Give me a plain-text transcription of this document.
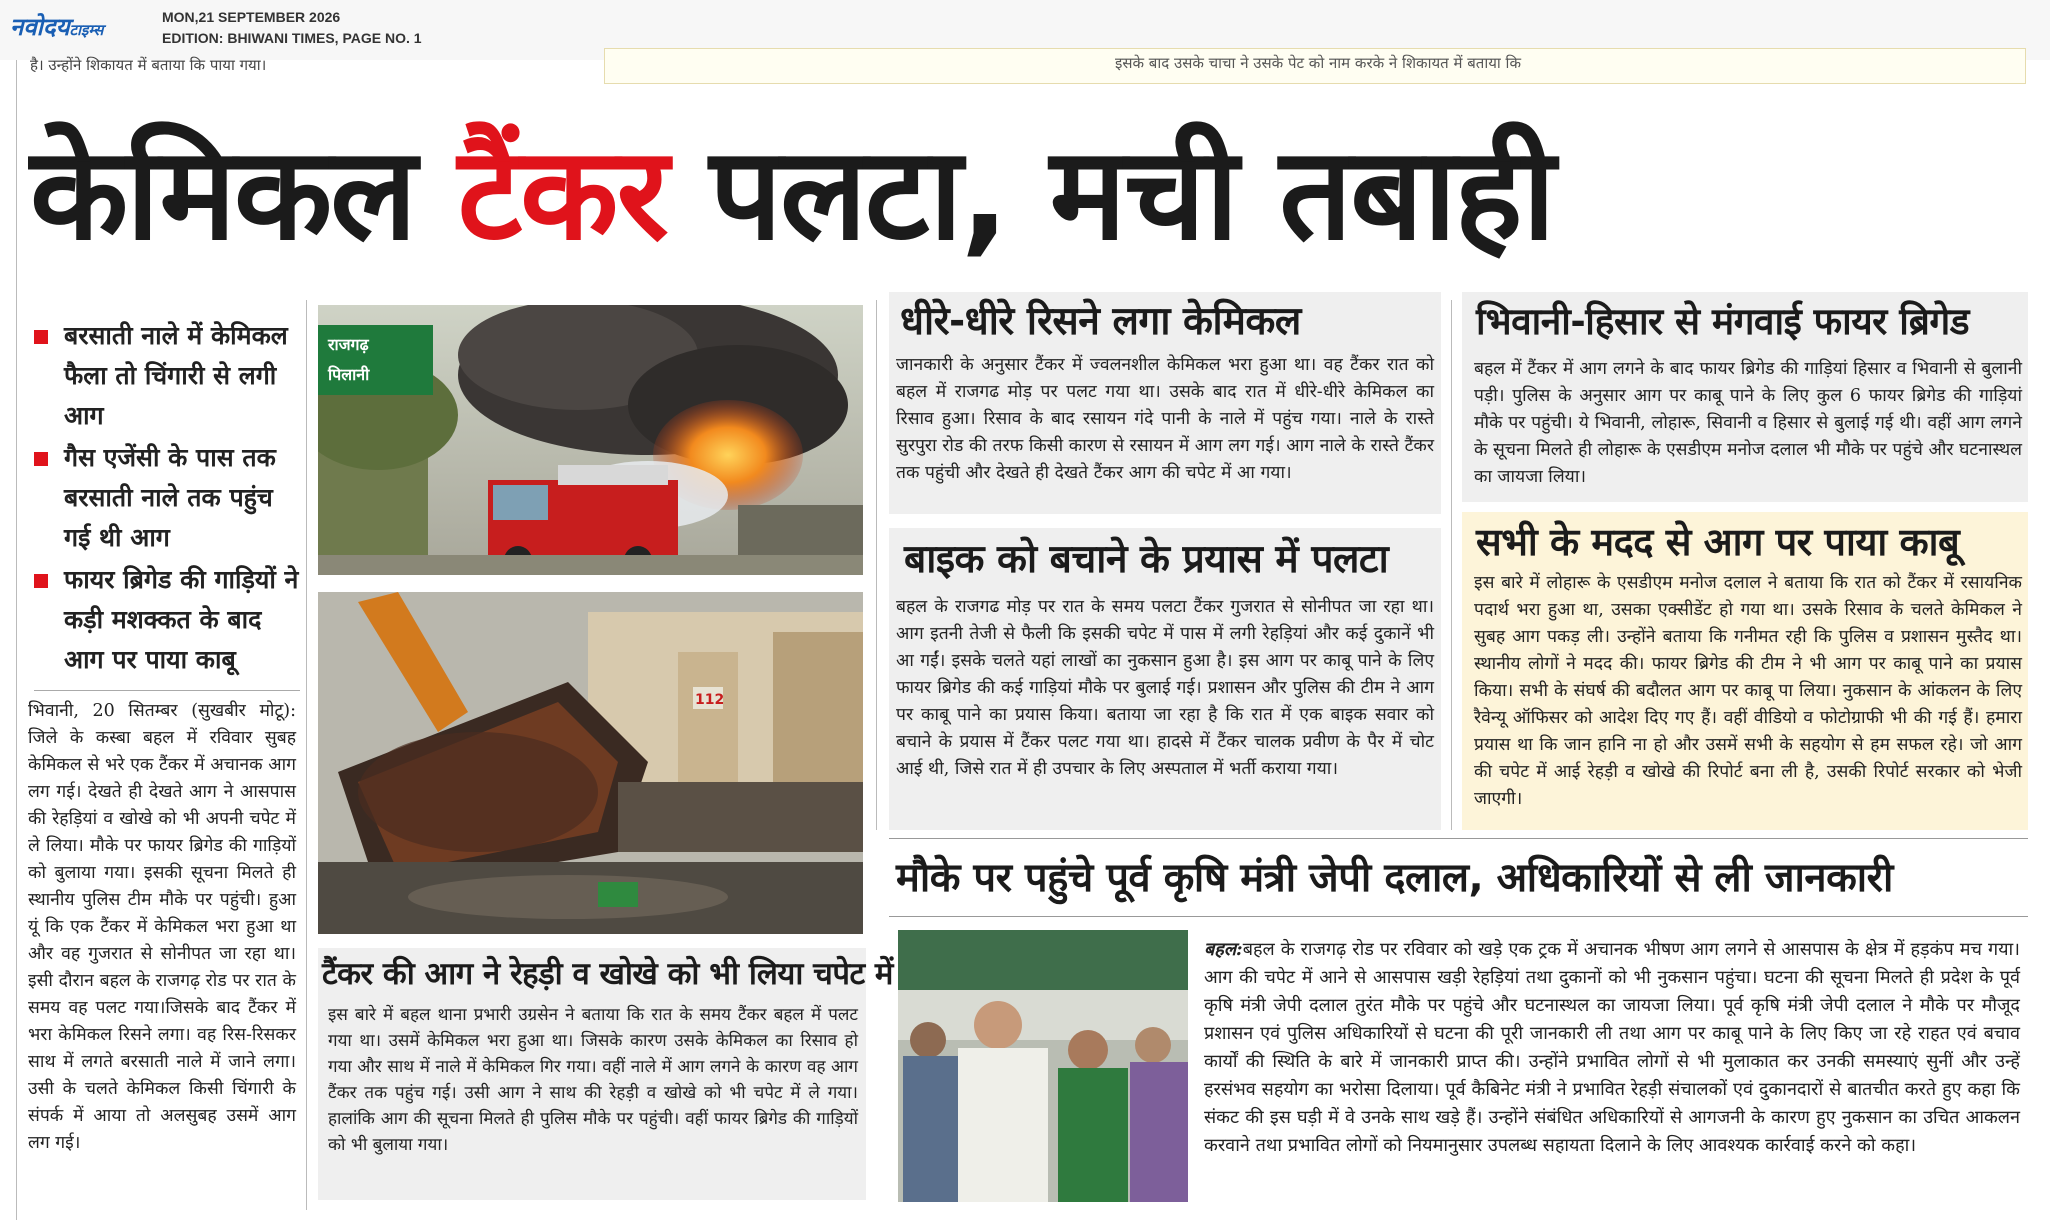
नवोदयटाइम्स
MON,21 SEPTEMBER 2026
EDITION: BHIWANI TIMES, PAGE NO. 1
है। उन्होंने शिकायत में बताया कि पाया गया।	इसके बाद उसके चाचा ने उसके पेट को नाम करके ने शिकायत में बताया कि
केमिकल टैंकर पलटा, मची तबाही
बरसाती नाले में केमिकल फैला तो चिंगारी से लगी आग
गैस एजेंसी के पास तक बरसाती नाले तक पहुंच गई थी आग
फायर ब्रिगेड की गाड़ियों ने कड़ी मशक्कत के बाद आग पर पाया काबू
भिवानी, 20 सितम्बर (सुखबीर मोटू): जिले के कस्बा बहल में रविवार सुबह केमिकल से भरे एक टैंकर में अचानक आग लग गई। देखते ही देखते आग ने आसपास की रेहड़ियां व खोखे को भी अपनी चपेट में ले लिया। मौके पर फायर ब्रिगेड की गाड़ियों को बुलाया गया। इसकी सूचना मिलते ही स्थानीय पुलिस टीम मौके पर पहुंची। हुआ यूं कि एक टैंकर में केमिकल भरा हुआ था और वह गुजरात से सोनीपत जा रहा था। इसी दौरान बहल के राजगढ़ रोड पर रात के समय वह पलट गया।जिसके बाद टैंकर में भरा केमिकल रिसने लगा। वह रिस-रिसकर साथ में लगते बरसाती नाले में जाने लगा। उसी के चलते केमिकल किसी चिंगारी के संपर्क में आया तो अलसुबह उसमें आग लग गई।
राजगढ़
पिलानी
112
टैंकर की आग ने रेहड़ी व खोखे को भी लिया चपेट में
इस बारे में बहल थाना प्रभारी उग्रसेन ने बताया कि रात के समय टैंकर बहल में पलट गया था। उसमें केमिकल भरा हुआ था। जिसके कारण उसके केमिकल का रिसाव हो गया और साथ में नाले में केमिकल गिर गया। वहीं नाले में आग लगने के कारण वह आग टैंकर तक पहुंच गई। उसी आग ने साथ की रेहड़ी व खोखे को भी चपेट में ले गया। हालांकि आग की सूचना मिलते ही पुलिस मौके पर पहुंची। वहीं फायर ब्रिगेड की गाड़ियों को भी बुलाया गया।
धीरे-धीरे रिसने लगा केमिकल
जानकारी के अनुसार टैंकर में ज्वलनशील केमिकल भरा हुआ था। वह टैंकर रात को बहल में राजगढ मोड़ पर पलट गया था। उसके बाद रात में धीरे-धीरे केमिकल का रिसाव हुआ। रिसाव के बाद रसायन गंदे पानी के नाले में पहुंच गया। नाले के रास्ते सुरपुरा रोड की तरफ किसी कारण से रसायन में आग लग गई। आग नाले के रास्ते टैंकर तक पहुंची और देखते ही देखते टैंकर आग की चपेट में आ गया।
बाइक को बचाने के प्रयास में पलटा
बहल के राजगढ मोड़ पर रात के समय पलटा टैंकर गुजरात से सोनीपत जा रहा था। आग इतनी तेजी से फैली कि इसकी चपेट में पास में लगी रेहड़ियां और कई दुकानें भी आ गईं। इसके चलते यहां लाखों का नुकसान हुआ है। इस आग पर काबू पाने के लिए फायर ब्रिगेड की कई गाड़ियां मौके पर बुलाई गई। प्रशासन और पुलिस की टीम ने आग पर काबू पाने का प्रयास किया। बताया जा रहा है कि रात में एक बाइक सवार को बचाने के प्रयास में टैंकर पलट गया था। हादसे में टैंकर चालक प्रवीण के पैर में चोट आई थी, जिसे रात में ही उपचार के लिए अस्पताल में भर्ती कराया गया।
भिवानी-हिसार से मंगवाई फायर ब्रिगेड
बहल में टैंकर में आग लगने के बाद फायर ब्रिगेड की गाड़ियां हिसार व भिवानी से बुलानी पड़ी। पुलिस के अनुसार आग पर काबू पाने के लिए कुल 6 फायर ब्रिगेड की गाड़ियां मौके पर पहुंची। ये भिवानी, लोहारू, सिवानी व हिसार से बुलाई गई थी। वहीं आग लगने के सूचना मिलते ही लोहारू के एसडीएम मनोज दलाल भी मौके पर पहुंचे और घटनास्थल का जायजा लिया।
सभी के मदद से आग पर पाया काबू
इस बारे में लोहारू के एसडीएम मनोज दलाल ने बताया कि रात को टैंकर में रसायनिक पदार्थ भरा हुआ था, उसका एक्सीडेंट हो गया था। उसके रिसाव के चलते केमिकल ने सुबह आग पकड़ ली। उन्होंने बताया कि गनीमत रही कि पुलिस व प्रशासन मुस्तैद था। स्थानीय लोगों ने मदद की। फायर ब्रिगेड की टीम ने भी आग पर काबू पाने का प्रयास किया। सभी के संघर्ष की बदौलत आग पर काबू पा लिया। नुकसान के आंकलन के लिए रैवेन्यू ऑफिसर को आदेश दिए गए हैं। वहीं वीडियो व फोटोग्राफी भी की गई हैं। हमारा प्रयास था कि जान हानि ना हो और उसमें सभी के सहयोग से हम सफल रहे। जो आग की चपेट में आई रेहड़ी व खोखे की रिपोर्ट बना ली है, उसकी रिपोर्ट सरकार को भेजी जाएगी।
मौके पर पहुंचे पूर्व कृषि मंत्री जेपी दलाल, अधिकारियों से ली जानकारी
बहल:बहल के राजगढ़ रोड पर रविवार को खड़े एक ट्रक में अचानक भीषण आग लगने से आसपास के क्षेत्र में हड़कंप मच गया। आग की चपेट में आने से आसपास खड़ी रेहड़ियां तथा दुकानों को भी नुकसान पहुंचा। घटना की सूचना मिलते ही प्रदेश के पूर्व कृषि मंत्री जेपी दलाल तुरंत मौके पर पहुंचे और घटनास्थल का जायजा लिया। पूर्व कृषि मंत्री जेपी दलाल ने मौके पर मौजूद प्रशासन एवं पुलिस अधिकारियों से घटना की पूरी जानकारी ली तथा आग पर काबू पाने के लिए किए जा रहे राहत एवं बचाव कार्यों की स्थिति के बारे में जानकारी प्राप्त की। उन्होंने प्रभावित लोगों से भी मुलाकात कर उनकी समस्याएं सुनीं और उन्हें हरसंभव सहयोग का भरोसा दिलाया। पूर्व कैबिनेट मंत्री ने प्रभावित रेहड़ी संचालकों एवं दुकानदारों से बातचीत करते हुए कहा कि संकट की इस घड़ी में वे उनके साथ खड़े हैं। उन्होंने संबंधित अधिकारियों से आगजनी के कारण हुए नुकसान का उचित आकलन करवाने तथा प्रभावित लोगों को नियमानुसार उपलब्ध सहायता दिलाने के लिए आवश्यक कार्रवाई करने को कहा।
